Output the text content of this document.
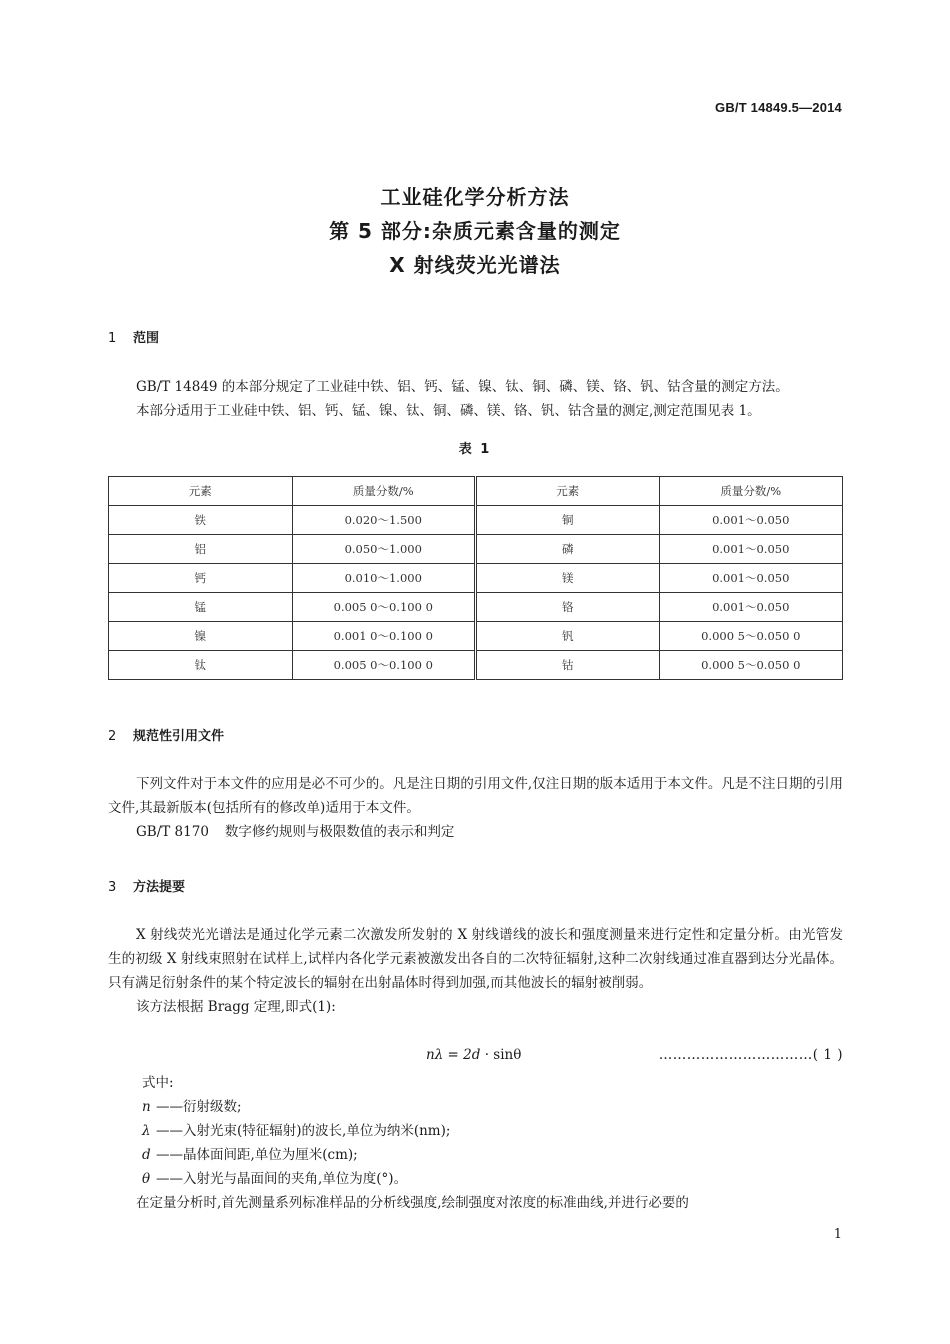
GB/T 14849.5—2014
工业硅化学分析方法
第 5 部分:杂质元素含量的测定
X 射线荧光光谱法
1 范围

GB/T 14849 的本部分规定了工业硅中铁、铝、钙、锰、镍、钛、铜、磷、镁、铬、钒、钴含量的测定方法。

本部分适用于工业硅中铁、铝、钙、锰、镍、钛、铜、磷、镁、铬、钒、钴含量的测定,测定范围见表 1。

表 1
元素	质量分数/%	元素	质量分数/%
铁	0.020～1.500	铜	0.001～0.050
铝	0.050～1.000	磷	0.001～0.050
钙	0.010～1.000	镁	0.001～0.050
锰	0.005 0～0.100 0	铬	0.001～0.050
镍	0.001 0～0.100 0	钒	0.000 5～0.050 0
钛	0.005 0～0.100 0	钴	0.000 5～0.050 0
2 规范性引用文件

下列文件对于本文件的应用是必不可少的。凡是注日期的引用文件,仅注日期的版本适用于本文件。凡是不注日期的引用文件,其最新版本(包括所有的修改单)适用于本文件。

GB/T 8170 数字修约规则与极限数值的表示和判定

3 方法提要

X 射线荧光光谱法是通过化学元素二次激发所发射的 X 射线谱线的波长和强度测量来进行定性和定量分析。由光管发生的初级 X 射线束照射在试样上,试样内各化学元素被激发出各自的二次特征辐射,这种二次射线通过准直器到达分光晶体。只有满足衍射条件的某个特定波长的辐射在出射晶体时得到加强,而其他波长的辐射被削弱。

该方法根据 Bragg 定理,即式(1):

nλ = 2d · sinθ	……………………………( 1 )
式中:
n ——衍射级数;
λ ——入射光束(特征辐射)的波长,单位为纳米(nm);
d ——晶体面间距,单位为厘米(cm);
θ ——入射光与晶面间的夹角,单位为度(°)。

在定量分析时,首先测量系列标准样品的分析线强度,绘制强度对浓度的标准曲线,并进行必要的

1
